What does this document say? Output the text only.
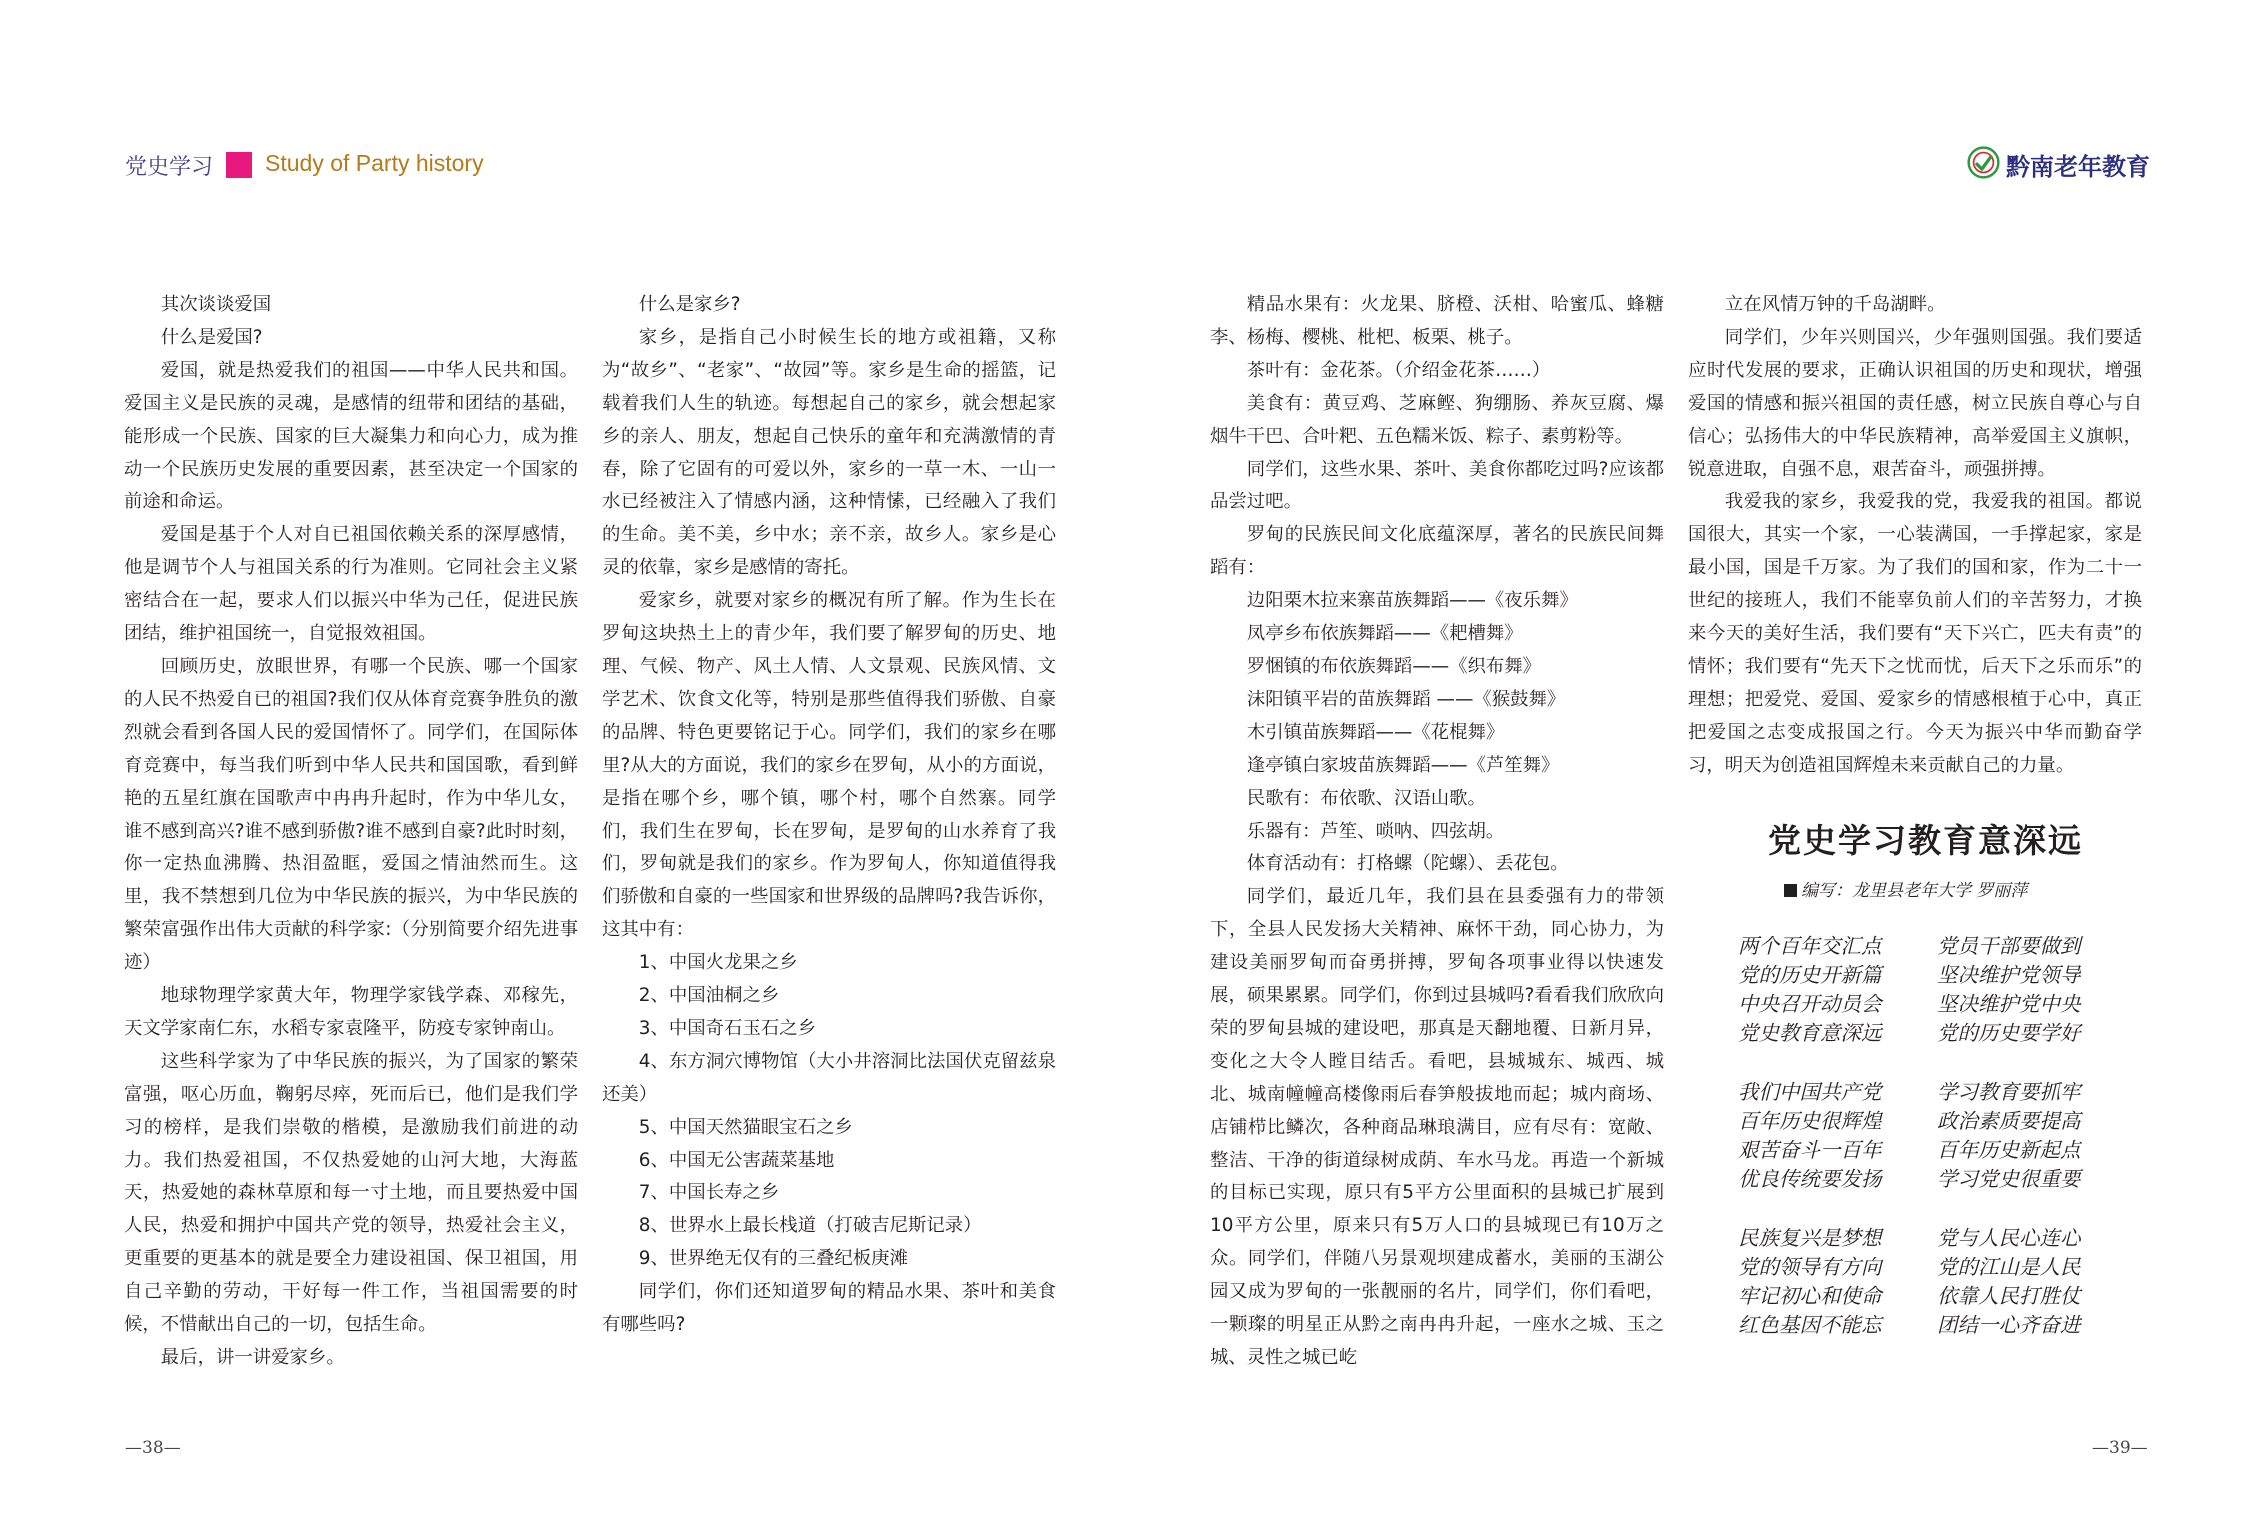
党史学习 Study of Party history	黔南老年教育

其次谈谈爱国

什么是爱国?

爱国，就是热爱我们的祖国——中华人民共和国。爱国主义是民族的灵魂，是感情的纽带和团结的基础，能形成一个民族、国家的巨大凝集力和向心力，成为推动一个民族历史发展的重要因素，甚至决定一个国家的前途和命运。

爱国是基于个人对自已祖国依赖关系的深厚感情，他是调节个人与祖国关系的行为准则。它同社会主义紧密结合在一起，要求人们以振兴中华为己任，促进民族团结，维护祖国统一，自觉报效祖国。

回顾历史，放眼世界，有哪一个民族、哪一个国家的人民不热爱自已的祖国?我们仅从体育竞赛争胜负的激烈就会看到各国人民的爱国情怀了。同学们，在国际体育竞赛中，每当我们听到中华人民共和国国歌，看到鲜艳的五星红旗在国歌声中冉冉升起时，作为中华儿女，谁不感到高兴?谁不感到骄傲?谁不感到自豪?此时时刻，你一定热血沸腾、热泪盈眶，爱国之情油然而生。这里，我不禁想到几位为中华民族的振兴，为中华民族的繁荣富强作出伟大贡献的科学家:（分别简要介绍先进事迹）

地球物理学家黄大年，物理学家钱学森、邓稼先，天文学家南仁东，水稻专家袁隆平，防疫专家钟南山。

这些科学家为了中华民族的振兴，为了国家的繁荣富强，呕心历血，鞠躬尽瘁，死而后已，他们是我们学习的榜样，是我们崇敬的楷模，是激励我们前进的动力。我们热爱祖国，不仅热爱她的山河大地，大海蓝天，热爱她的森林草原和每一寸土地，而且要热爱中国人民，热爱和拥护中国共产党的领导，热爱社会主义，更重要的更基本的就是要全力建设祖国、保卫祖国，用自己辛勤的劳动，干好每一件工作，当祖国需要的时候，不惜献出自己的一切，包括生命。

最后，讲一讲爱家乡。

什么是家乡?

家乡，是指自己小时候生长的地方或祖籍，又称为“故乡”、“老家”、“故园”等。家乡是生命的摇篮，记载着我们人生的轨迹。每想起自己的家乡，就会想起家乡的亲人、朋友，想起自己快乐的童年和充满激情的青春，除了它固有的可爱以外，家乡的一草一木、一山一水已经被注入了情感内涵，这种情愫，已经融入了我们的生命。美不美，乡中水；亲不亲，故乡人。家乡是心灵的依靠，家乡是感情的寄托。

爱家乡，就要对家乡的概况有所了解。作为生长在罗甸这块热土上的青少年，我们要了解罗甸的历史、地理、气候、物产、风土人情、人文景观、民族风情、文学艺术、饮食文化等，特别是那些值得我们骄傲、自豪的品牌、特色更要铭记于心。同学们，我们的家乡在哪里?从大的方面说，我们的家乡在罗甸，从小的方面说，是指在哪个乡，哪个镇，哪个村，哪个自然寨。同学们，我们生在罗甸，长在罗甸，是罗甸的山水养育了我们，罗甸就是我们的家乡。作为罗甸人，你知道值得我们骄傲和自豪的一些国家和世界级的品牌吗?我告诉你，这其中有：

1、中国火龙果之乡

2、中国油桐之乡

3、中国奇石玉石之乡

4、东方洞穴博物馆（大小井溶洞比法国伏克留兹泉还美）

5、中国天然猫眼宝石之乡

6、中国无公害蔬菜基地

7、中国长寿之乡

8、世界水上最长栈道（打破吉尼斯记录）

9、世界绝无仅有的三叠纪板庚滩

同学们，你们还知道罗甸的精品水果、茶叶和美食有哪些吗?

精品水果有：火龙果、脐橙、沃柑、哈蜜瓜、蜂糖李、杨梅、樱桃、枇杷、板栗、桃子。

茶叶有：金花茶。（介绍金花茶……）

美食有：黄豆鸡、芝麻鲣、狗绷肠、养灰豆腐、爆烟牛干巴、合叶粑、五色糯米饭、粽子、素剪粉等。

同学们，这些水果、茶叶、美食你都吃过吗?应该都品尝过吧。

罗甸的民族民间文化底蕴深厚，著名的民族民间舞蹈有：

边阳栗木拉来寨苗族舞蹈——《夜乐舞》

凤亭乡布依族舞蹈——《耙槽舞》

罗悃镇的布依族舞蹈——《织布舞》

沫阳镇平岩的苗族舞蹈 ——《猴鼓舞》

木引镇苗族舞蹈——《花棍舞》

逢亭镇白家坡苗族舞蹈——《芦笙舞》

民歌有：布依歌、汉语山歌。

乐器有：芦笙、唢呐、四弦胡。

体育活动有：打格螺（陀螺）、丢花包。

同学们，最近几年，我们县在县委强有力的带领下，全县人民发扬大关精神、麻怀干劲，同心协力，为建设美丽罗甸而奋勇拼搏，罗甸各项事业得以快速发展，硕果累累。同学们，你到过县城吗?看看我们欣欣向荣的罗甸县城的建设吧，那真是天翻地覆、日新月异，变化之大令人瞠目结舌。看吧，县城城东、城西、城北、城南幢幢高楼像雨后春笋般拔地而起；城内商场、店铺栉比鳞次，各种商品琳琅满目，应有尽有：宽敞、整洁、干净的街道绿树成荫、车水马龙。再造一个新城的目标已实现，原只有5平方公里面积的县城已扩展到10平方公里，原来只有5万人口的县城现已有10万之众。同学们，伴随八另景观坝建成蓄水，美丽的玉湖公园又成为罗甸的一张靓丽的名片，同学们，你们看吧，一颗璨的明星正从黔之南冉冉升起，一座水之城、玉之城、灵性之城已屹

立在风情万钟的千岛湖畔。

同学们，少年兴则国兴，少年强则国强。我们要适应时代发展的要求，正确认识祖国的历史和现状，增强爱国的情感和振兴祖国的责任感，树立民族自尊心与自信心；弘扬伟大的中华民族精神，高举爱国主义旗帜，锐意进取，自强不息，艰苦奋斗，顽强拼搏。

我爱我的家乡，我爱我的党，我爱我的祖国。都说国很大，其实一个家，一心装满国，一手撑起家，家是最小国，国是千万家。为了我们的国和家，作为二十一世纪的接班人，我们不能辜负前人们的辛苦努力，才换来今天的美好生活，我们要有“天下兴亡，匹夫有责”的情怀；我们要有“先天下之忧而忧，后天下之乐而乐”的理想；把爱党、爱国、爱家乡的情感根植于心中，真正把爱国之志变成报国之行。今天为振兴中华而勤奋学习，明天为创造祖国辉煌未来贡献自己的力量。

党史学习教育意深远
编写：龙里县老年大学 罗丽萍
两个百年交汇点
党的历史开新篇
中央召开动员会
党史教育意深远
我们中国共产党
百年历史很辉煌
艰苦奋斗一百年
优良传统要发扬
民族复兴是梦想
党的领导有方向
牢记初心和使命
红色基因不能忘
党员干部要做到
坚决维护党领导
坚决维护党中央
党的历史要学好
学习教育要抓牢
政治素质要提高
百年历史新起点
学习党史很重要
党与人民心连心
党的江山是人民
依靠人民打胜仗
团结一心齐奋进
—38—	—39—
